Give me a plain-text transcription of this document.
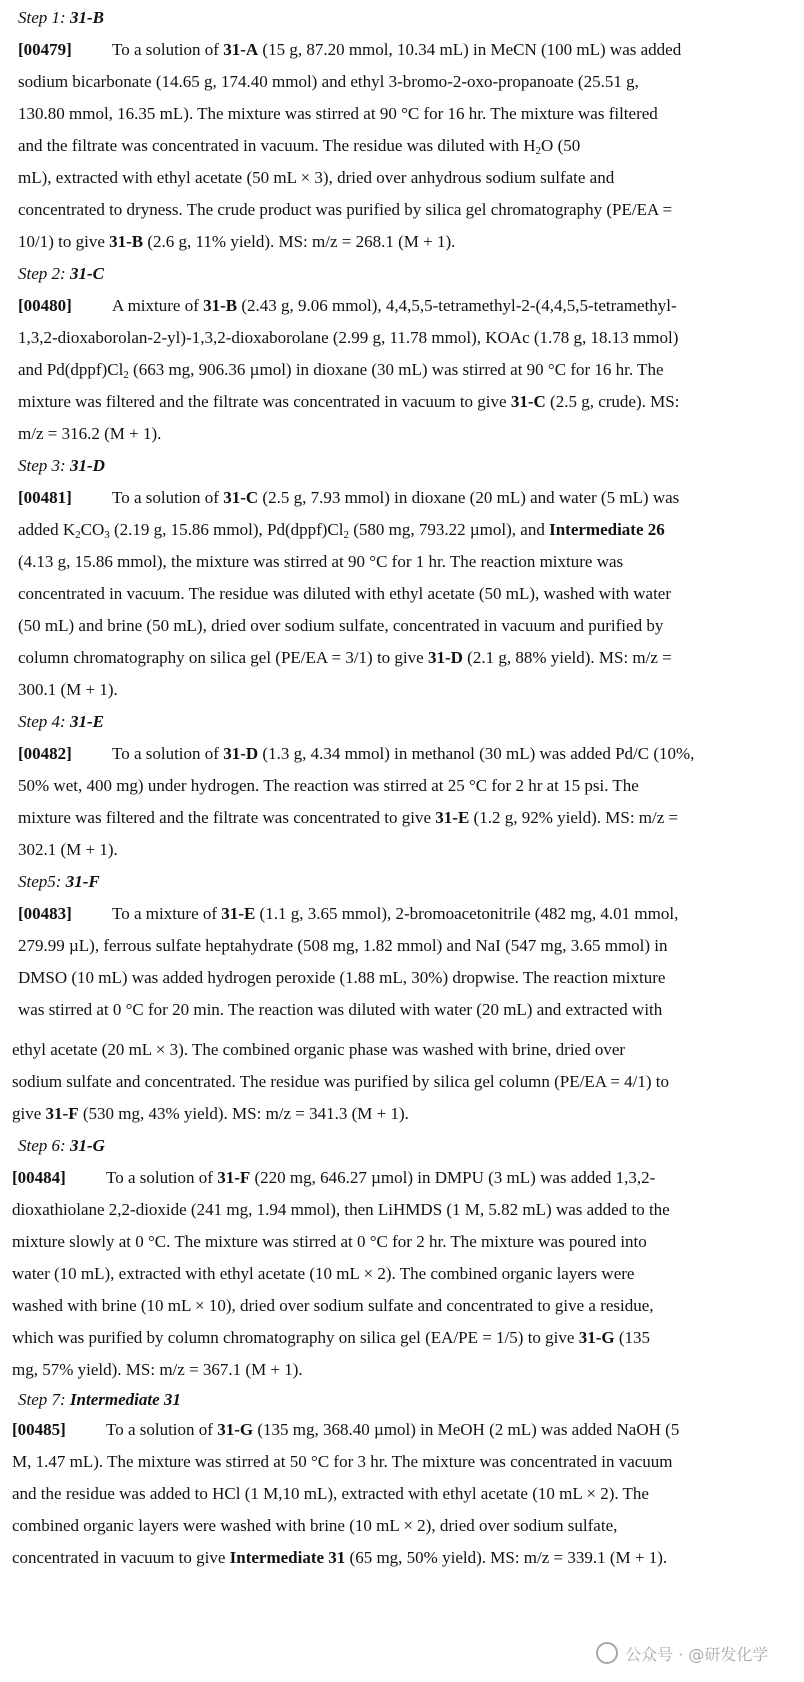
Step 1: 31-B
[00479] To a solution of 31-A (15 g, 87.20 mmol, 10.34 mL) in MeCN (100 mL) was added
sodium bicarbonate (14.65 g, 174.40 mmol) and ethyl 3-bromo-2-oxo-propanoate (25.51 g,
130.80 mmol, 16.35 mL). The mixture was stirred at 90 °C for 16 hr. The mixture was filtered
and the filtrate was concentrated in vacuum. The residue was diluted with $H_2O$ (50
mL), extracted with ethyl acetate (50 mL × 3), dried over anhydrous sodium sulfate and
concentrated to dryness. The crude product was purified by silica gel chromatography (PE/EA =
10/1) to give 31-B (2.6 g, 11% yield). MS: m/z = 268.1 (M + 1).
Step 2: 31-C
[00480] A mixture of 31-B (2.43 g, 9.06 mmol), 4,4,5,5-tetramethyl-2-(4,4,5,5-tetramethyl-
1,3,2-dioxaborolan-2-yl)-1,3,2-dioxaborolane (2.99 g, 11.78 mmol), KOAc (1.78 g, 18.13 mmol)
and $Pd(dppf)Cl_2$ (663 mg, 906.36 µmol) in dioxane (30 mL) was stirred at 90 °C for 16 hr. The
mixture was filtered and the filtrate was concentrated in vacuum to give 31-C (2.5 g, crude). MS:
m/z = 316.2 (M + 1).
Step 3: 31-D
[00481] To a solution of 31-C (2.5 g, 7.93 mmol) in dioxane (20 mL) and water (5 mL) was
added $K_2CO_3$ (2.19 g, 15.86 mmol), $Pd(dppf)Cl_2$ (580 mg, 793.22 µmol), and Intermediate 26
(4.13 g, 15.86 mmol), the mixture was stirred at 90 °C for 1 hr. The reaction mixture was
concentrated in vacuum. The residue was diluted with ethyl acetate (50 mL), washed with water
(50 mL) and brine (50 mL), dried over sodium sulfate, concentrated in vacuum and purified by
column chromatography on silica gel (PE/EA = 3/1) to give 31-D (2.1 g, 88% yield). MS: m/z =
300.1 (M + 1).
Step 4: 31-E
[00482] To a solution of 31-D (1.3 g, 4.34 mmol) in methanol (30 mL) was added Pd/C (10%,
50% wet, 400 mg) under hydrogen. The reaction was stirred at 25 °C for 2 hr at 15 psi. The
mixture was filtered and the filtrate was concentrated to give 31-E (1.2 g, 92% yield). MS: m/z =
302.1 (M + 1).
Step5: 31-F
[00483] To a mixture of 31-E (1.1 g, 3.65 mmol), 2-bromoacetonitrile (482 mg, 4.01 mmol,
279.99 µL), ferrous sulfate heptahydrate (508 mg, 1.82 mmol) and NaI (547 mg, 3.65 mmol) in
DMSO (10 mL) was added hydrogen peroxide (1.88 mL, 30%) dropwise. The reaction mixture
was stirred at 0 °C for 20 min. The reaction was diluted with water (20 mL) and extracted with
ethyl acetate (20 mL × 3). The combined organic phase was washed with brine, dried over
sodium sulfate and concentrated. The residue was purified by silica gel column (PE/EA = 4/1) to
give 31-F (530 mg, 43% yield). MS: m/z = 341.3 (M + 1).
Step 6: 31-G
[00484] To a solution of 31-F (220 mg, 646.27 µmol) in DMPU (3 mL) was added 1,3,2-
dioxathiolane 2,2-dioxide (241 mg, 1.94 mmol), then LiHMDS (1 M, 5.82 mL) was added to the
mixture slowly at 0 °C. The mixture was stirred at 0 °C for 2 hr. The mixture was poured into
water (10 mL), extracted with ethyl acetate (10 mL × 2). The combined organic layers were
washed with brine (10 mL × 10), dried over sodium sulfate and concentrated to give a residue,
which was purified by column chromatography on silica gel (EA/PE = 1/5) to give 31-G (135
mg, 57% yield). MS: m/z = 367.1 (M + 1).
Step 7: Intermediate 31
[00485] To a solution of 31-G (135 mg, 368.40 µmol) in MeOH (2 mL) was added NaOH (5
M, 1.47 mL). The mixture was stirred at 50 °C for 3 hr. The mixture was concentrated in vacuum
and the residue was added to HCl (1 M,10 mL), extracted with ethyl acetate (10 mL × 2). The
combined organic layers were washed with brine (10 mL × 2), dried over sodium sulfate,
concentrated in vacuum to give Intermediate 31 (65 mg, 50% yield). MS: m/z = 339.1 (M + 1).
公众号 · @研发化学
